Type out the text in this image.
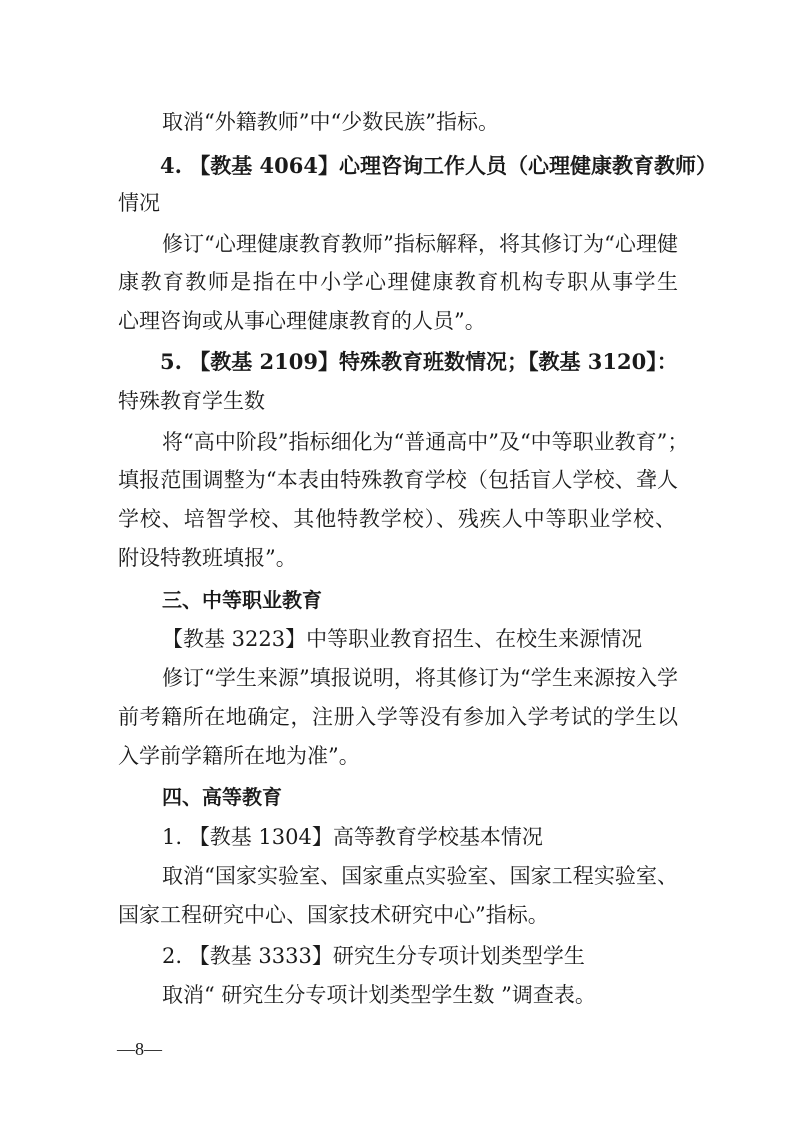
取消“外籍教师”中“少数民族”指标。
4. 【教基 4064】心理咨询工作人员（心理健康教育教师）
情况
修订“心理健康教育教师”指标解释，将其修订为“心理健
康教育教师是指在中小学心理健康教育机构专职从事学生
心理咨询或从事心理健康教育的人员”。
5. 【教基 2109】特殊教育班数情况；【教基 3120】：
特殊教育学生数
将“高中阶段”指标细化为“普通高中”及“中等职业教育”；
填报范围调整为“本表由特殊教育学校（包括盲人学校、聋人
学校、培智学校、其他特教学校）、残疾人中等职业学校、
附设特教班填报”。
三、中等职业教育
【教基 3223】中等职业教育招生、在校生来源情况
修订“学生来源”填报说明，将其修订为“学生来源按入学
前考籍所在地确定，注册入学等没有参加入学考试的学生以
入学前学籍所在地为准”。
四、高等教育
1. 【教基 1304】高等教育学校基本情况
取消“国家实验室、国家重点实验室、国家工程实验室、
国家工程研究中心、国家技术研究中心”指标。
2. 【教基 3333】研究生分专项计划类型学生
取消“ 研究生分专项计划类型学生数 ”调查表。
—8—
